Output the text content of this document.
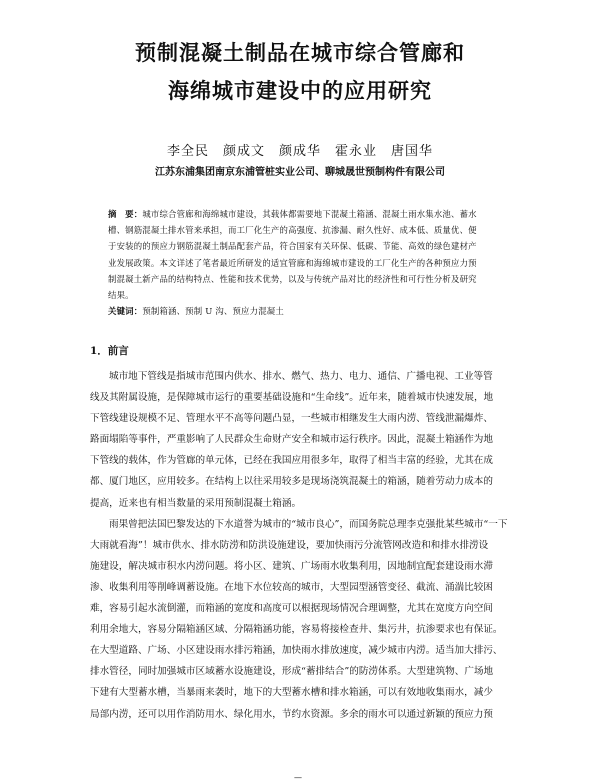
预制混凝土制品在城市综合管廊和
海绵城市建设中的应用研究
李全民　颜成文　颜成华　霍永业　唐国华
江苏东浦集团南京东浦管桩实业公司、聊城晟世预制构件有限公司
摘　要：城市综合管廊和海绵城市建设，其载体都需要地下混凝土箱涵、混凝土雨水集水池、蓄水
槽、钢筋混凝土排水管来承担，而工厂化生产的高强度、抗渗漏、耐久性好、成本低、质量优、便
于安装的的预应力钢筋混凝土制品配套产品，符合国家有关环保、低碳、节能、高效的绿色建材产
业发展政策。本文详述了笔者最近所研发的适宜管廊和海绵城市建设的工厂化生产的各种预应力预
制混凝土新产品的结构特点、性能和技术优势，以及与传统产品对比的经济性和可行性分析及研究
结果。
关键词：预制箱涵、预制 U 沟、预应力混凝土
1．前言
城市地下管线是指城市范围内供水、排水、燃气、热力、电力、通信、广播电视、工业等管
线及其附属设施，是保障城市运行的重要基础设施和“生命线”。近年来，随着城市快速发展，地
下管线建设规模不足、管理水平不高等问题凸显，一些城市相继发生大雨内涝、管线泄漏爆炸、
路面塌陷等事件，严重影响了人民群众生命财产安全和城市运行秩序。因此，混凝土箱涵作为地
下管线的载体，作为管廊的单元体，已经在我国应用很多年，取得了相当丰富的经验，尤其在成
都、厦门地区，应用较多。在结构上以往采用较多是现场浇筑混凝土的箱涵，随着劳动力成本的
提高，近来也有相当数量的采用预制混凝土箱涵。
雨果曾把法国巴黎发达的下水道誉为城市的“城市良心”，而国务院总理李克强批某些城市“一下
大雨就看海”！城市供水、排水防涝和防洪设施建设，要加快雨污分流管网改造和和排水排涝设
施建设，解决城市积水内涝问题。将小区、建筑、广场雨水收集利用，因地制宜配套建设雨水滞
渗、收集利用等削峰调蓄设施。在地下水位较高的城市，大型园型涵管变径、截流、涌湍比较困
难，容易引起水流倒灌，而箱涵的宽度和高度可以根据现场情况合理调整，尤其在宽度方向空间
利用余地大，容易分隔箱涵区域、分隔箱涵功能，容易将接检查井、集污井，抗渗要求也有保证。
在大型道路、广场、小区建设雨水排污箱涵，加快雨水排放速度，减少城市内涝。适当加大排污、
排水管径，同时加强城市区域蓄水设施建设，形成“蓄排结合”的防涝体系。大型建筑物、广场地
下建有大型蓄水槽，当暴雨来袭时，地下的大型蓄水槽和排水箱涵，可以有效地收集雨水，减少
局部内涝，还可以用作消防用水、绿化用水，节约水资源。多余的雨水可以通过新颖的预应力预
—
